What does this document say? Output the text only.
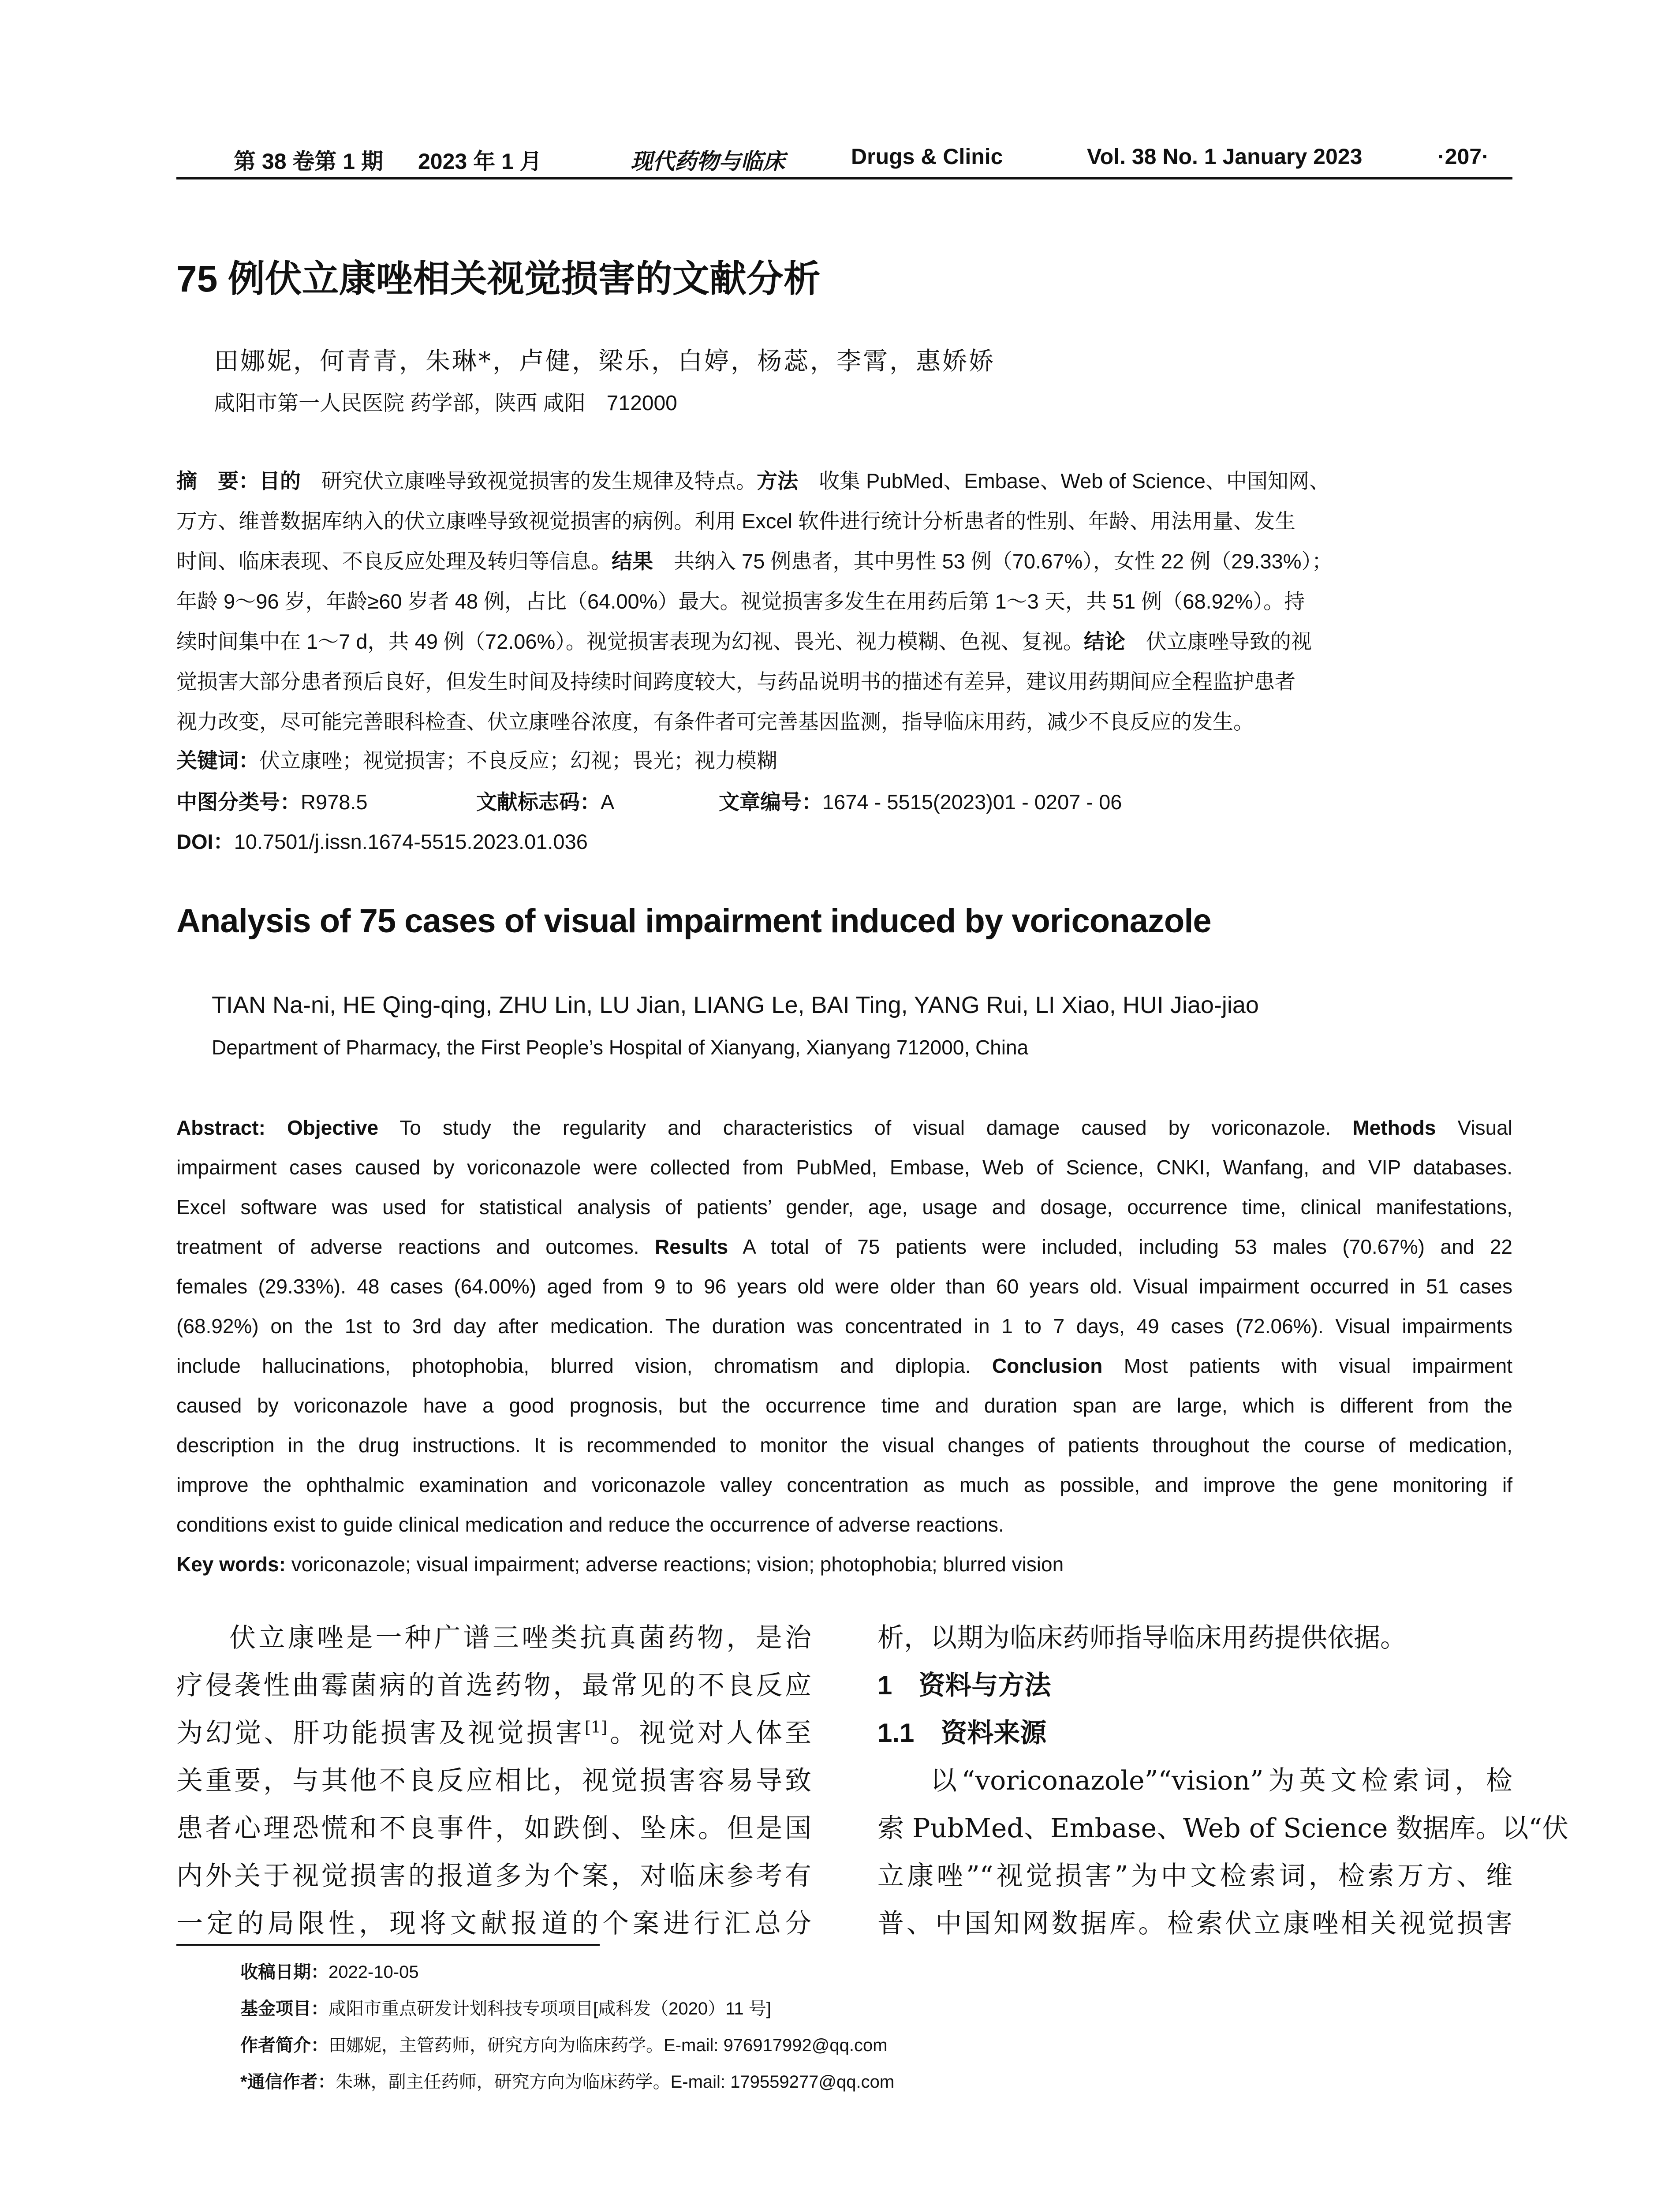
第 38 卷第 1 期 2023 年 1 月	现代药物与临床	Drugs & Clinic	Vol. 38 No. 1 January 2023	·207·
75 例伏立康唑相关视觉损害的文献分析
田娜妮，何青青，朱琳*，卢健，梁乐，白婷，杨蕊，李霄，惠娇娇
咸阳市第一人民医院 药学部，陕西 咸阳　712000
摘　要：目的　研究伏立康唑导致视觉损害的发生规律及特点。方法　收集 PubMed、Embase、Web of Science、中国知网、
万方、维普数据库纳入的伏立康唑导致视觉损害的病例。利用 Excel 软件进行统计分析患者的性别、年龄、用法用量、发生
时间、临床表现、不良反应处理及转归等信息。结果　共纳入 75 例患者，其中男性 53 例（70.67%），女性 22 例（29.33%）；
年龄 9～96 岁，年龄≥60 岁者 48 例，占比（64.00%）最大。视觉损害多发生在用药后第 1～3 天，共 51 例（68.92%）。持
续时间集中在 1～7 d，共 49 例（72.06%）。视觉损害表现为幻视、畏光、视力模糊、色视、复视。结论　伏立康唑导致的视
觉损害大部分患者预后良好，但发生时间及持续时间跨度较大，与药品说明书的描述有差异，建议用药期间应全程监护患者
视力改变，尽可能完善眼科检查、伏立康唑谷浓度，有条件者可完善基因监测，指导临床用药，减少不良反应的发生。
关键词：伏立康唑；视觉损害；不良反应；幻视；畏光；视力模糊
中图分类号：R978.5	文献标志码：A	文章编号：1674 - 5515(2023)01 - 0207 - 06
DOI：10.7501/j.issn.1674-5515.2023.01.036
Analysis of 75 cases of visual impairment induced by voriconazole
TIAN Na-ni, HE Qing-qing, ZHU Lin, LU Jian, LIANG Le, BAI Ting, YANG Rui, LI Xiao, HUI Jiao-jiao
Department of Pharmacy, the First People’s Hospital of Xianyang, Xianyang 712000, China
Abstract: Objective To study the regularity and characteristics of visual damage caused by voriconazole. Methods Visual
impairment cases caused by voriconazole were collected from PubMed, Embase, Web of Science, CNKI, Wanfang, and VIP databases.
Excel software was used for statistical analysis of patients’ gender, age, usage and dosage, occurrence time, clinical manifestations,
treatment of adverse reactions and outcomes. Results A total of 75 patients were included, including 53 males (70.67%) and 22
females (29.33%). 48 cases (64.00%) aged from 9 to 96 years old were older than 60 years old. Visual impairment occurred in 51 cases
(68.92%) on the 1st to 3rd day after medication. The duration was concentrated in 1 to 7 days, 49 cases (72.06%). Visual impairments
include hallucinations, photophobia, blurred vision, chromatism and diplopia. Conclusion Most patients with visual impairment
caused by voriconazole have a good prognosis, but the occurrence time and duration span are large, which is different from the
description in the drug instructions. It is recommended to monitor the visual changes of patients throughout the course of medication,
improve the ophthalmic examination and voriconazole valley concentration as much as possible, and improve the gene monitoring if
conditions exist to guide clinical medication and reduce the occurrence of adverse reactions.
Key words: voriconazole; visual impairment; adverse reactions; vision; photophobia; blurred vision
伏立康唑是一种广谱三唑类抗真菌药物，是治
疗侵袭性曲霉菌病的首选药物，最常见的不良反应
为幻觉、肝功能损害及视觉损害[1]。视觉对人体至
关重要，与其他不良反应相比，视觉损害容易导致
患者心理恐慌和不良事件，如跌倒、坠床。但是国
内外关于视觉损害的报道多为个案，对临床参考有
一定的局限性，现将文献报道的个案进行汇总分
析，以期为临床药师指导临床用药提供依据。
1　资料与方法
1.1　资料来源
以“voriconazole”“vision”为英文检索词，检
索 PubMed、Embase、Web of Science 数据库。以“伏
立康唑”“视觉损害”为中文检索词，检索万方、维
普、中国知网数据库。检索伏立康唑相关视觉损害
收稿日期：2022-10-05
基金项目：咸阳市重点研发计划科技专项项目[咸科发（2020）11 号]
作者简介：田娜妮，主管药师，研究方向为临床药学。E-mail: 976917992@qq.com
*通信作者：朱琳，副主任药师，研究方向为临床药学。E-mail: 179559277@qq.com
